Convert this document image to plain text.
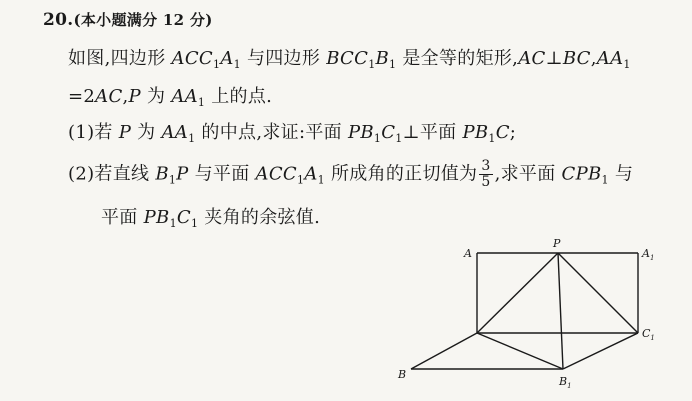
20.(本小题满分 12 分)
如图,四边形 $ACC_1A_1$ 与四边形 $BCC_1B_1$ 是全等的矩形$,AC\perp BC,AA_1$
=2AC,P 为 $AA_1$ 上的点.
(1)若 P 为 $AA_1$ 的中点,求证:平面 $PB_1C_1\perp$平面 $PB_1C$;
(2)若直线 $B_1P$ 与平面 $ACC_1A_1$ 所成角的正切值为 $\frac{3}{5}$ ,求平面 $CPB_1$ 与
平面 $PB_1C_1$ 夹角的余弦值.
A
P
$A_1$
$C_1$
B
$B_1$
